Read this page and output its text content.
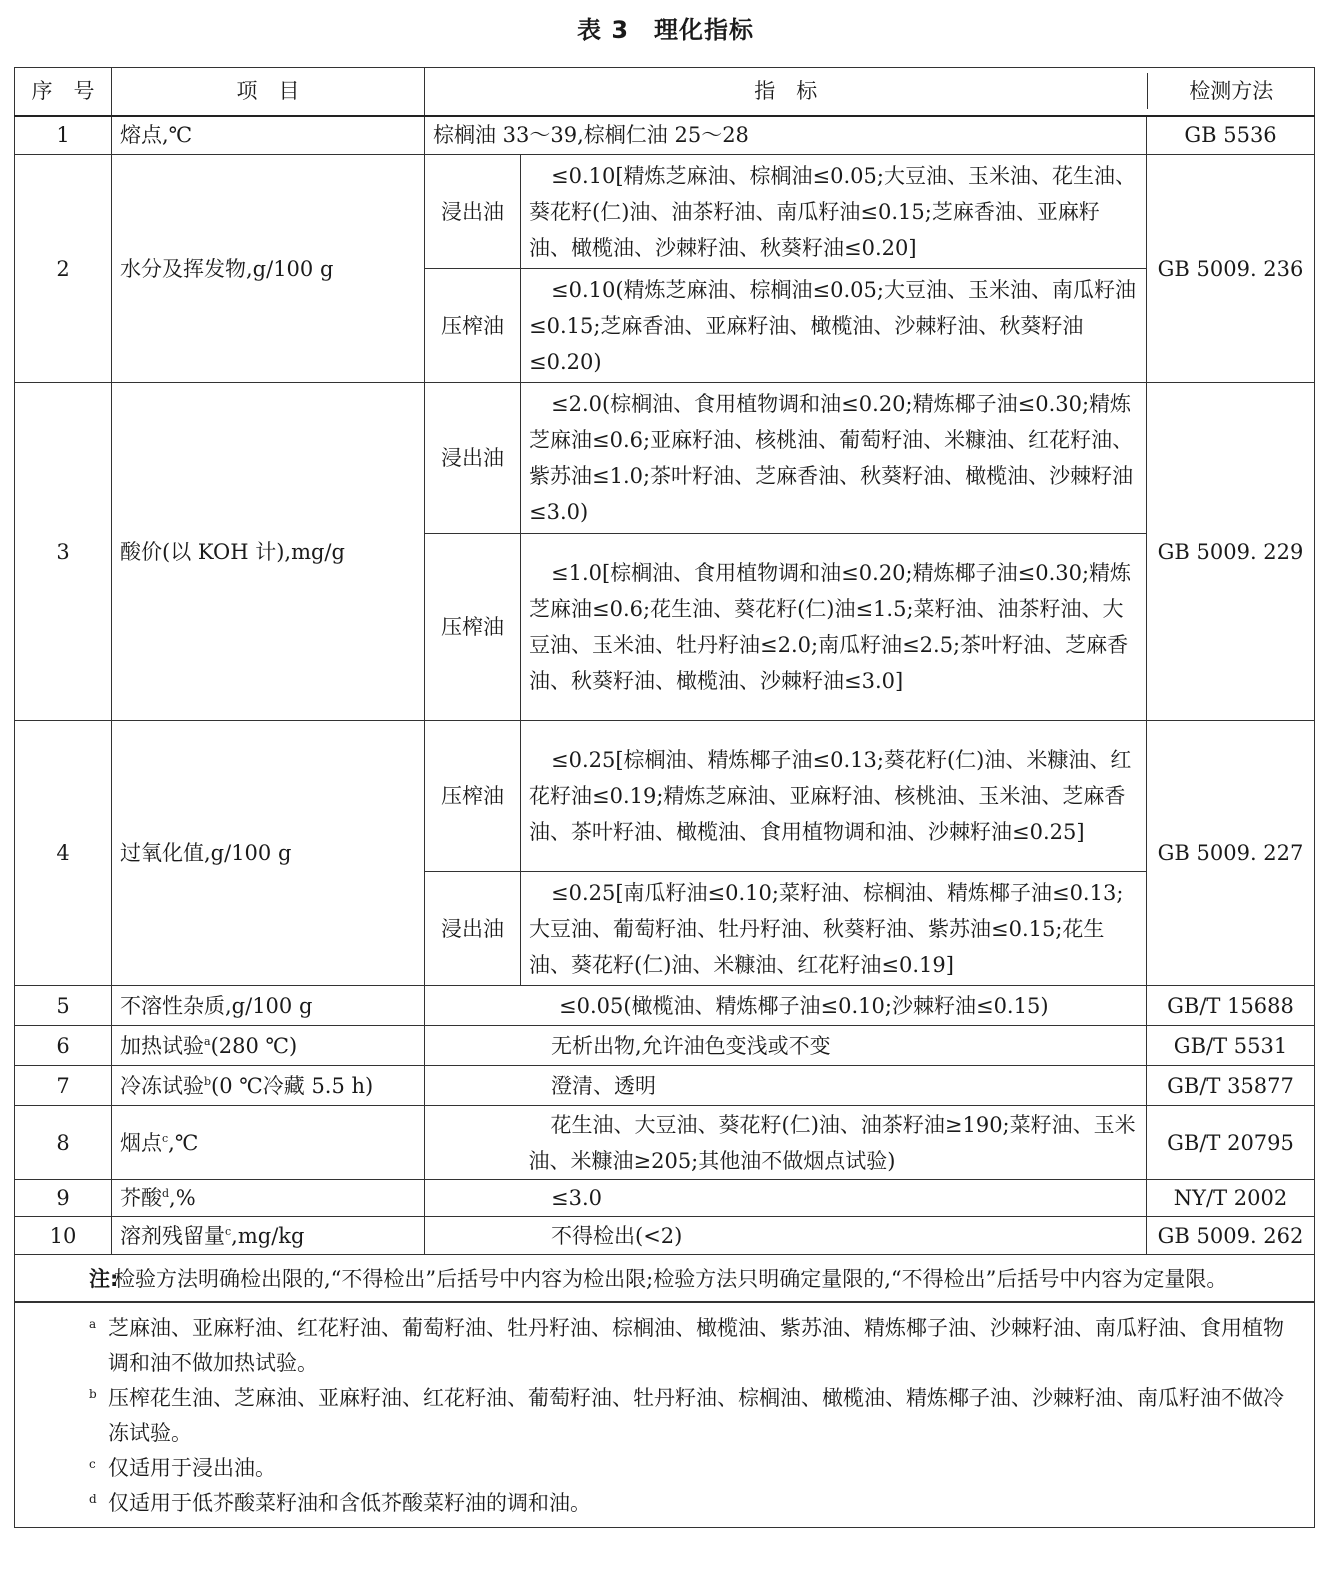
表 3　理化指标
序　号	项　目		指　标	检测方法

1	熔点,℃	棕榈油 33～39,棕榈仁油 25～28	GB 5536
2	水分及挥发物,g/100 g	浸出油	≤0.10[精炼芝麻油、棕榈油≤0.05;大豆油、玉米油、花生油、葵花籽(仁)油、油茶籽油、南瓜籽油≤0.15;芝麻香油、亚麻籽油、橄榄油、沙棘籽油、秋葵籽油≤0.20]	GB 5009. 236
压榨油	≤0.10(精炼芝麻油、棕榈油≤0.05;大豆油、玉米油、南瓜籽油≤0.15;芝麻香油、亚麻籽油、橄榄油、沙棘籽油、秋葵籽油≤0.20)
3	酸价(以 KOH 计),mg/g	浸出油	≤2.0(棕榈油、食用植物调和油≤0.20;精炼椰子油≤0.30;精炼芝麻油≤0.6;亚麻籽油、核桃油、葡萄籽油、米糠油、红花籽油、紫苏油≤1.0;茶叶籽油、芝麻香油、秋葵籽油、橄榄油、沙棘籽油≤3.0)	GB 5009. 229
压榨油	≤1.0[棕榈油、食用植物调和油≤0.20;精炼椰子油≤0.30;精炼芝麻油≤0.6;花生油、葵花籽(仁)油≤1.5;菜籽油、油茶籽油、大豆油、玉米油、牡丹籽油≤2.0;南瓜籽油≤2.5;茶叶籽油、芝麻香油、秋葵籽油、橄榄油、沙棘籽油≤3.0]
4	过氧化值,g/100 g	压榨油	≤0.25[棕榈油、精炼椰子油≤0.13;葵花籽(仁)油、米糠油、红花籽油≤0.19;精炼芝麻油、亚麻籽油、核桃油、玉米油、芝麻香油、茶叶籽油、橄榄油、食用植物调和油、沙棘籽油≤0.25]	GB 5009. 227
浸出油	≤0.25[南瓜籽油≤0.10;菜籽油、棕榈油、精炼椰子油≤0.13;大豆油、葡萄籽油、牡丹籽油、秋葵籽油、紫苏油≤0.15;花生油、葵花籽(仁)油、米糠油、红花籽油≤0.19]
5	不溶性杂质,g/100 g	≤0.05(橄榄油、精炼椰子油≤0.10;沙棘籽油≤0.15)	GB/T 15688
6	加热试验$^a$(280 ℃)	无析出物,允许油色变浅或不变	GB/T 5531
7	冷冻试验$^b$(0 ℃冷藏 5.5 h)	澄清、透明	GB/T 35877
8	烟点$^c$,℃		花生油、大豆油、葵花籽(仁)油、油茶籽油≥190;菜籽油、玉米油、米糠油≥205;其他油不做烟点试验)	GB/T 20795
9	芥酸$^d$,%	≤3.0	NY/T 2002
10	溶剂残留量$^c$,mg/kg	不得检出(<2)	GB 5009. 262

注:
检验方法明确检出限的,“不得检出”后括号中内容为检出限;检验方法只明确定量限的,“不得检出”后括号中内容为定量限。

a 芝麻油、亚麻籽油、红花籽油、葡萄籽油、牡丹籽油、棕榈油、橄榄油、紫苏油、精炼椰子油、沙棘籽油、南瓜籽油、食用植物调和油不做加热试验。
b 压榨花生油、芝麻油、亚麻籽油、红花籽油、葡萄籽油、牡丹籽油、棕榈油、橄榄油、精炼椰子油、沙棘籽油、南瓜籽油不做冷冻试验。
c 仅适用于浸出油。
d 仅适用于低芥酸菜籽油和含低芥酸菜籽油的调和油。
